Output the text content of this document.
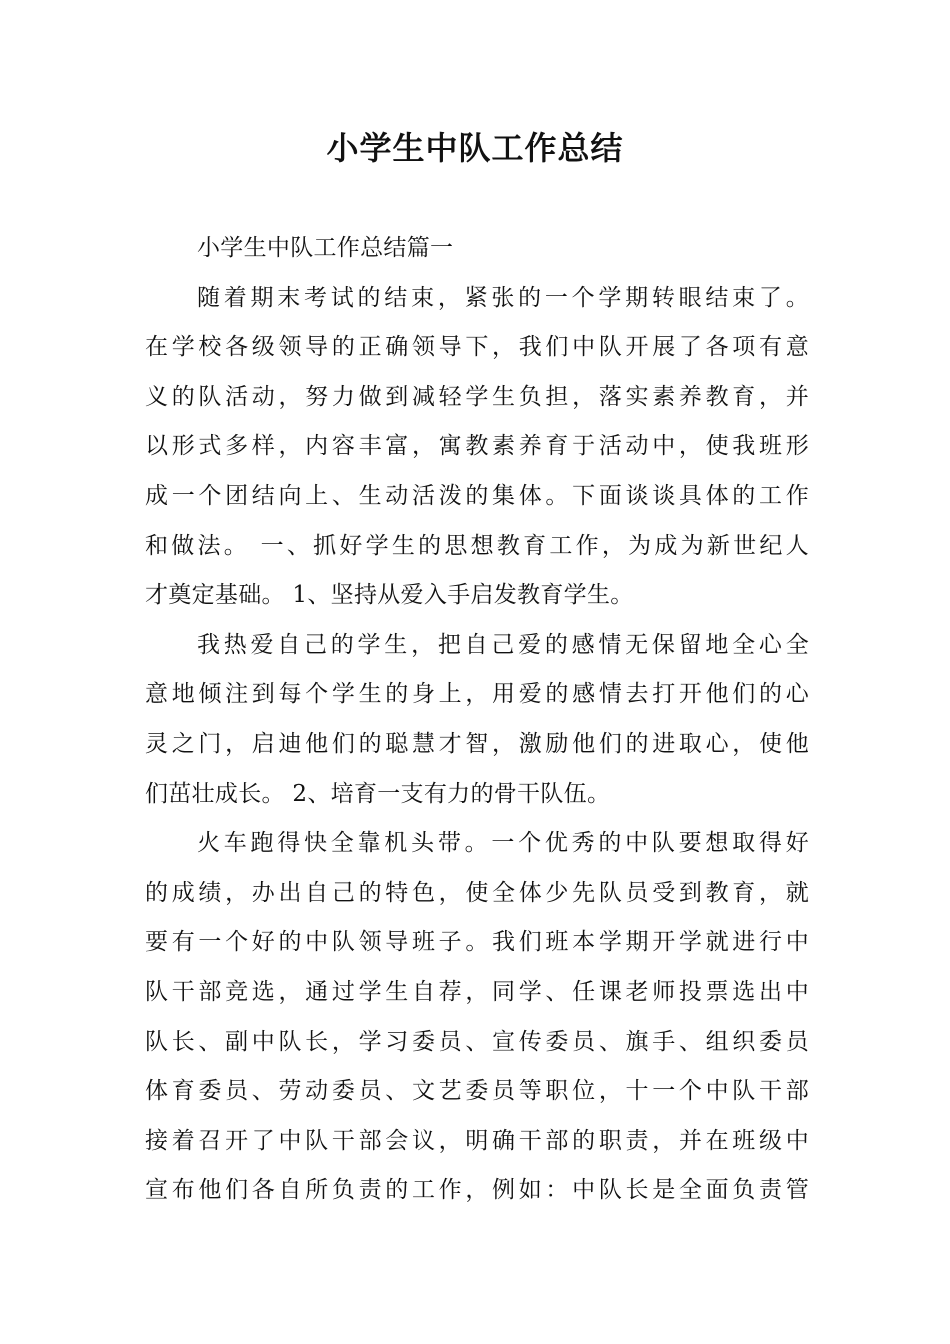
小学生中队工作总结
小学生中队工作总结篇一
随着期末考试的结束，紧张的一个学期转眼结束了。
在学校各级领导的正确领导下，我们中队开展了各项有意
义的队活动，努力做到减轻学生负担，落实素养教育，并
以形式多样，内容丰富，寓教素养育于活动中，使我班形
成一个团结向上、生动活泼的集体。下面谈谈具体的工作
和做法。 一、抓好学生的思想教育工作，为成为新世纪人
才奠定基础。 1、坚持从爱入手启发教育学生。
我热爱自己的学生，把自己爱的感情无保留地全心全
意地倾注到每个学生的身上，用爱的感情去打开他们的心
灵之门，启迪他们的聪慧才智，激励他们的进取心，使他
们茁壮成长。 2、培育一支有力的骨干队伍。
火车跑得快全靠机头带。一个优秀的中队要想取得好
的成绩，办出自己的特色，使全体少先队员受到教育，就
要有一个好的中队领导班子。我们班本学期开学就进行中
队干部竞选，通过学生自荐，同学、任课老师投票选出中
队长、副中队长，学习委员、宣传委员、旗手、组织委员
体育委员、劳动委员、文艺委员等职位，十一个中队干部
接着召开了中队干部会议，明确干部的职责，并在班级中
宣布他们各自所负责的工作，例如：中队长是全面负责管
